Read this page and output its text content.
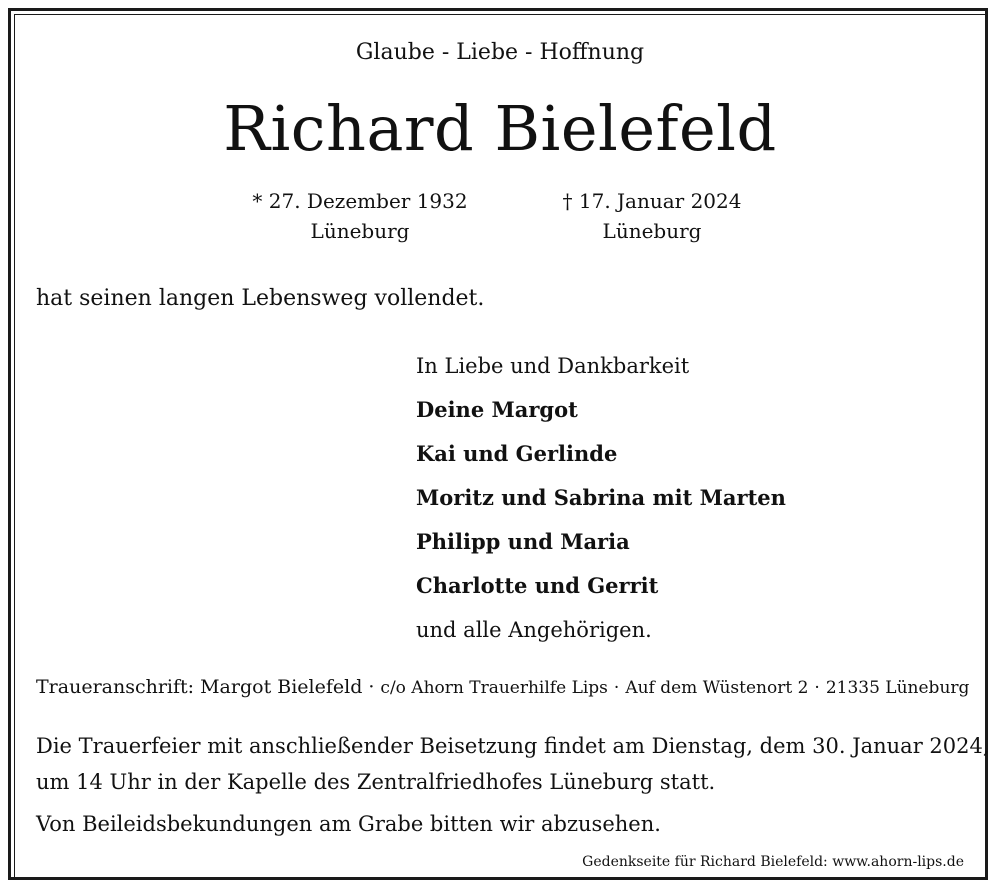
Glaube - Liebe - Hoffnung
Richard Bielefeld
* 27. Dezember 1932
Lüneburg
† 17. Januar 2024
Lüneburg
hat seinen langen Lebensweg vollendet.
In Liebe und Dankbarkeit
Deine Margot
Kai und Gerlinde
Moritz und Sabrina mit Marten
Philipp und Maria
Charlotte und Gerrit
und alle Angehörigen.
Traueranschrift: Margot Bielefeld · c/o Ahorn Trauerhilfe Lips · Auf dem Wüstenort 2 · 21335 Lüneburg
Die Trauerfeier mit anschließender Beisetzung findet am Dienstag, dem 30. Januar 2024,
um 14 Uhr in der Kapelle des Zentralfriedhofes Lüneburg statt.
Von Beileidsbekundungen am Grabe bitten wir abzusehen.
Gedenkseite für Richard Bielefeld: www.ahorn-lips.de
